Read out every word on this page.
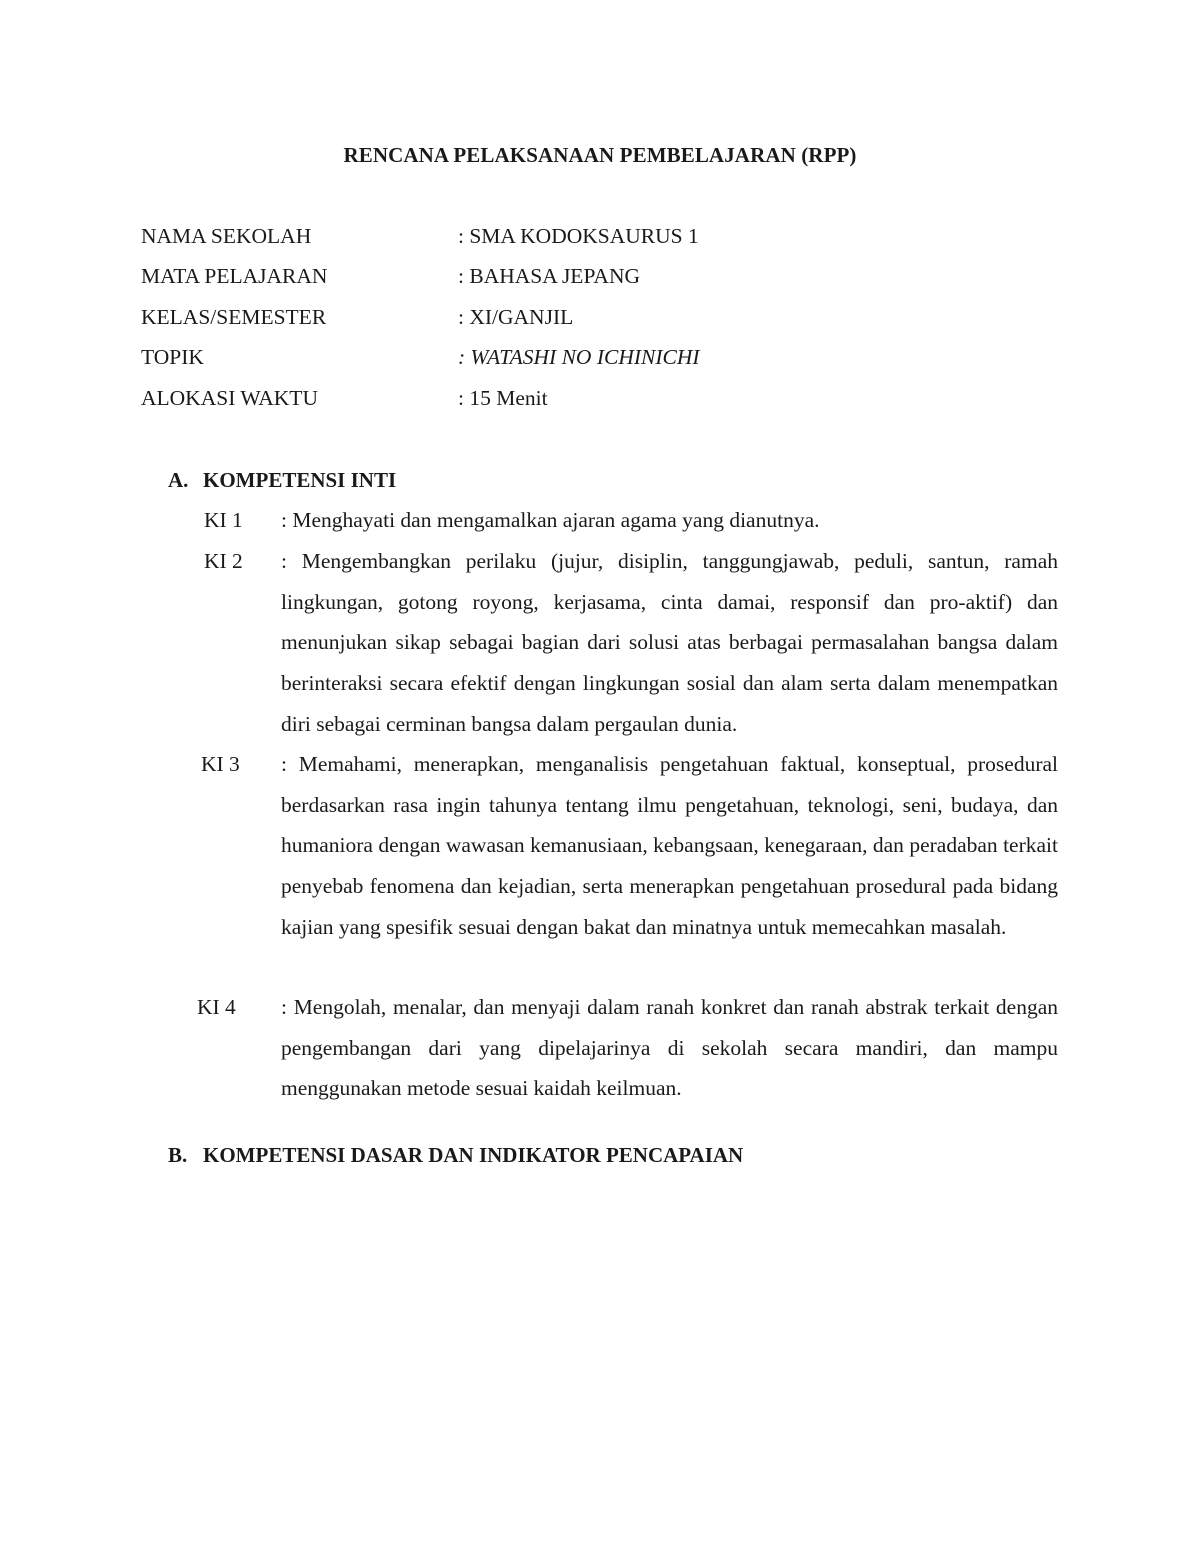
RENCANA PELAKSANAAN PEMBELAJARAN (RPP)
NAMA SEKOLAH	: SMA KODOKSAURUS 1
MATA PELAJARAN	: BAHASA JEPANG
KELAS/SEMESTER	: XI/GANJIL
TOPIK	: WATASHI NO ICHINICHI
ALOKASI WAKTU	: 15 Menit
A. KOMPETENSI INTI
KI 1 : Menghayati dan mengamalkan ajaran agama yang dianutnya.
KI 2 : Mengembangkan perilaku (jujur, disiplin, tanggungjawab, peduli, santun, ramah lingkungan, gotong royong, kerjasama, cinta damai, responsif dan pro-aktif) dan menunjukan sikap sebagai bagian dari solusi atas berbagai permasalahan bangsa dalam berinteraksi secara efektif dengan lingkungan sosial dan alam serta dalam menempatkan diri sebagai cerminan bangsa dalam pergaulan dunia.
KI 3 : Memahami, menerapkan, menganalisis pengetahuan faktual, konseptual, prosedural berdasarkan rasa ingin tahunya tentang ilmu pengetahuan, teknologi, seni, budaya, dan humaniora dengan wawasan kemanusiaan, kebangsaan, kenegaraan, dan peradaban terkait penyebab fenomena dan kejadian, serta menerapkan pengetahuan prosedural pada bidang kajian yang spesifik sesuai dengan bakat dan minatnya untuk memecahkan masalah.
KI 4 : Mengolah, menalar, dan menyaji dalam ranah konkret dan ranah abstrak terkait dengan pengembangan dari yang dipelajarinya di sekolah secara mandiri, dan mampu menggunakan metode sesuai kaidah keilmuan.
B. KOMPETENSI DASAR DAN INDIKATOR PENCAPAIAN
